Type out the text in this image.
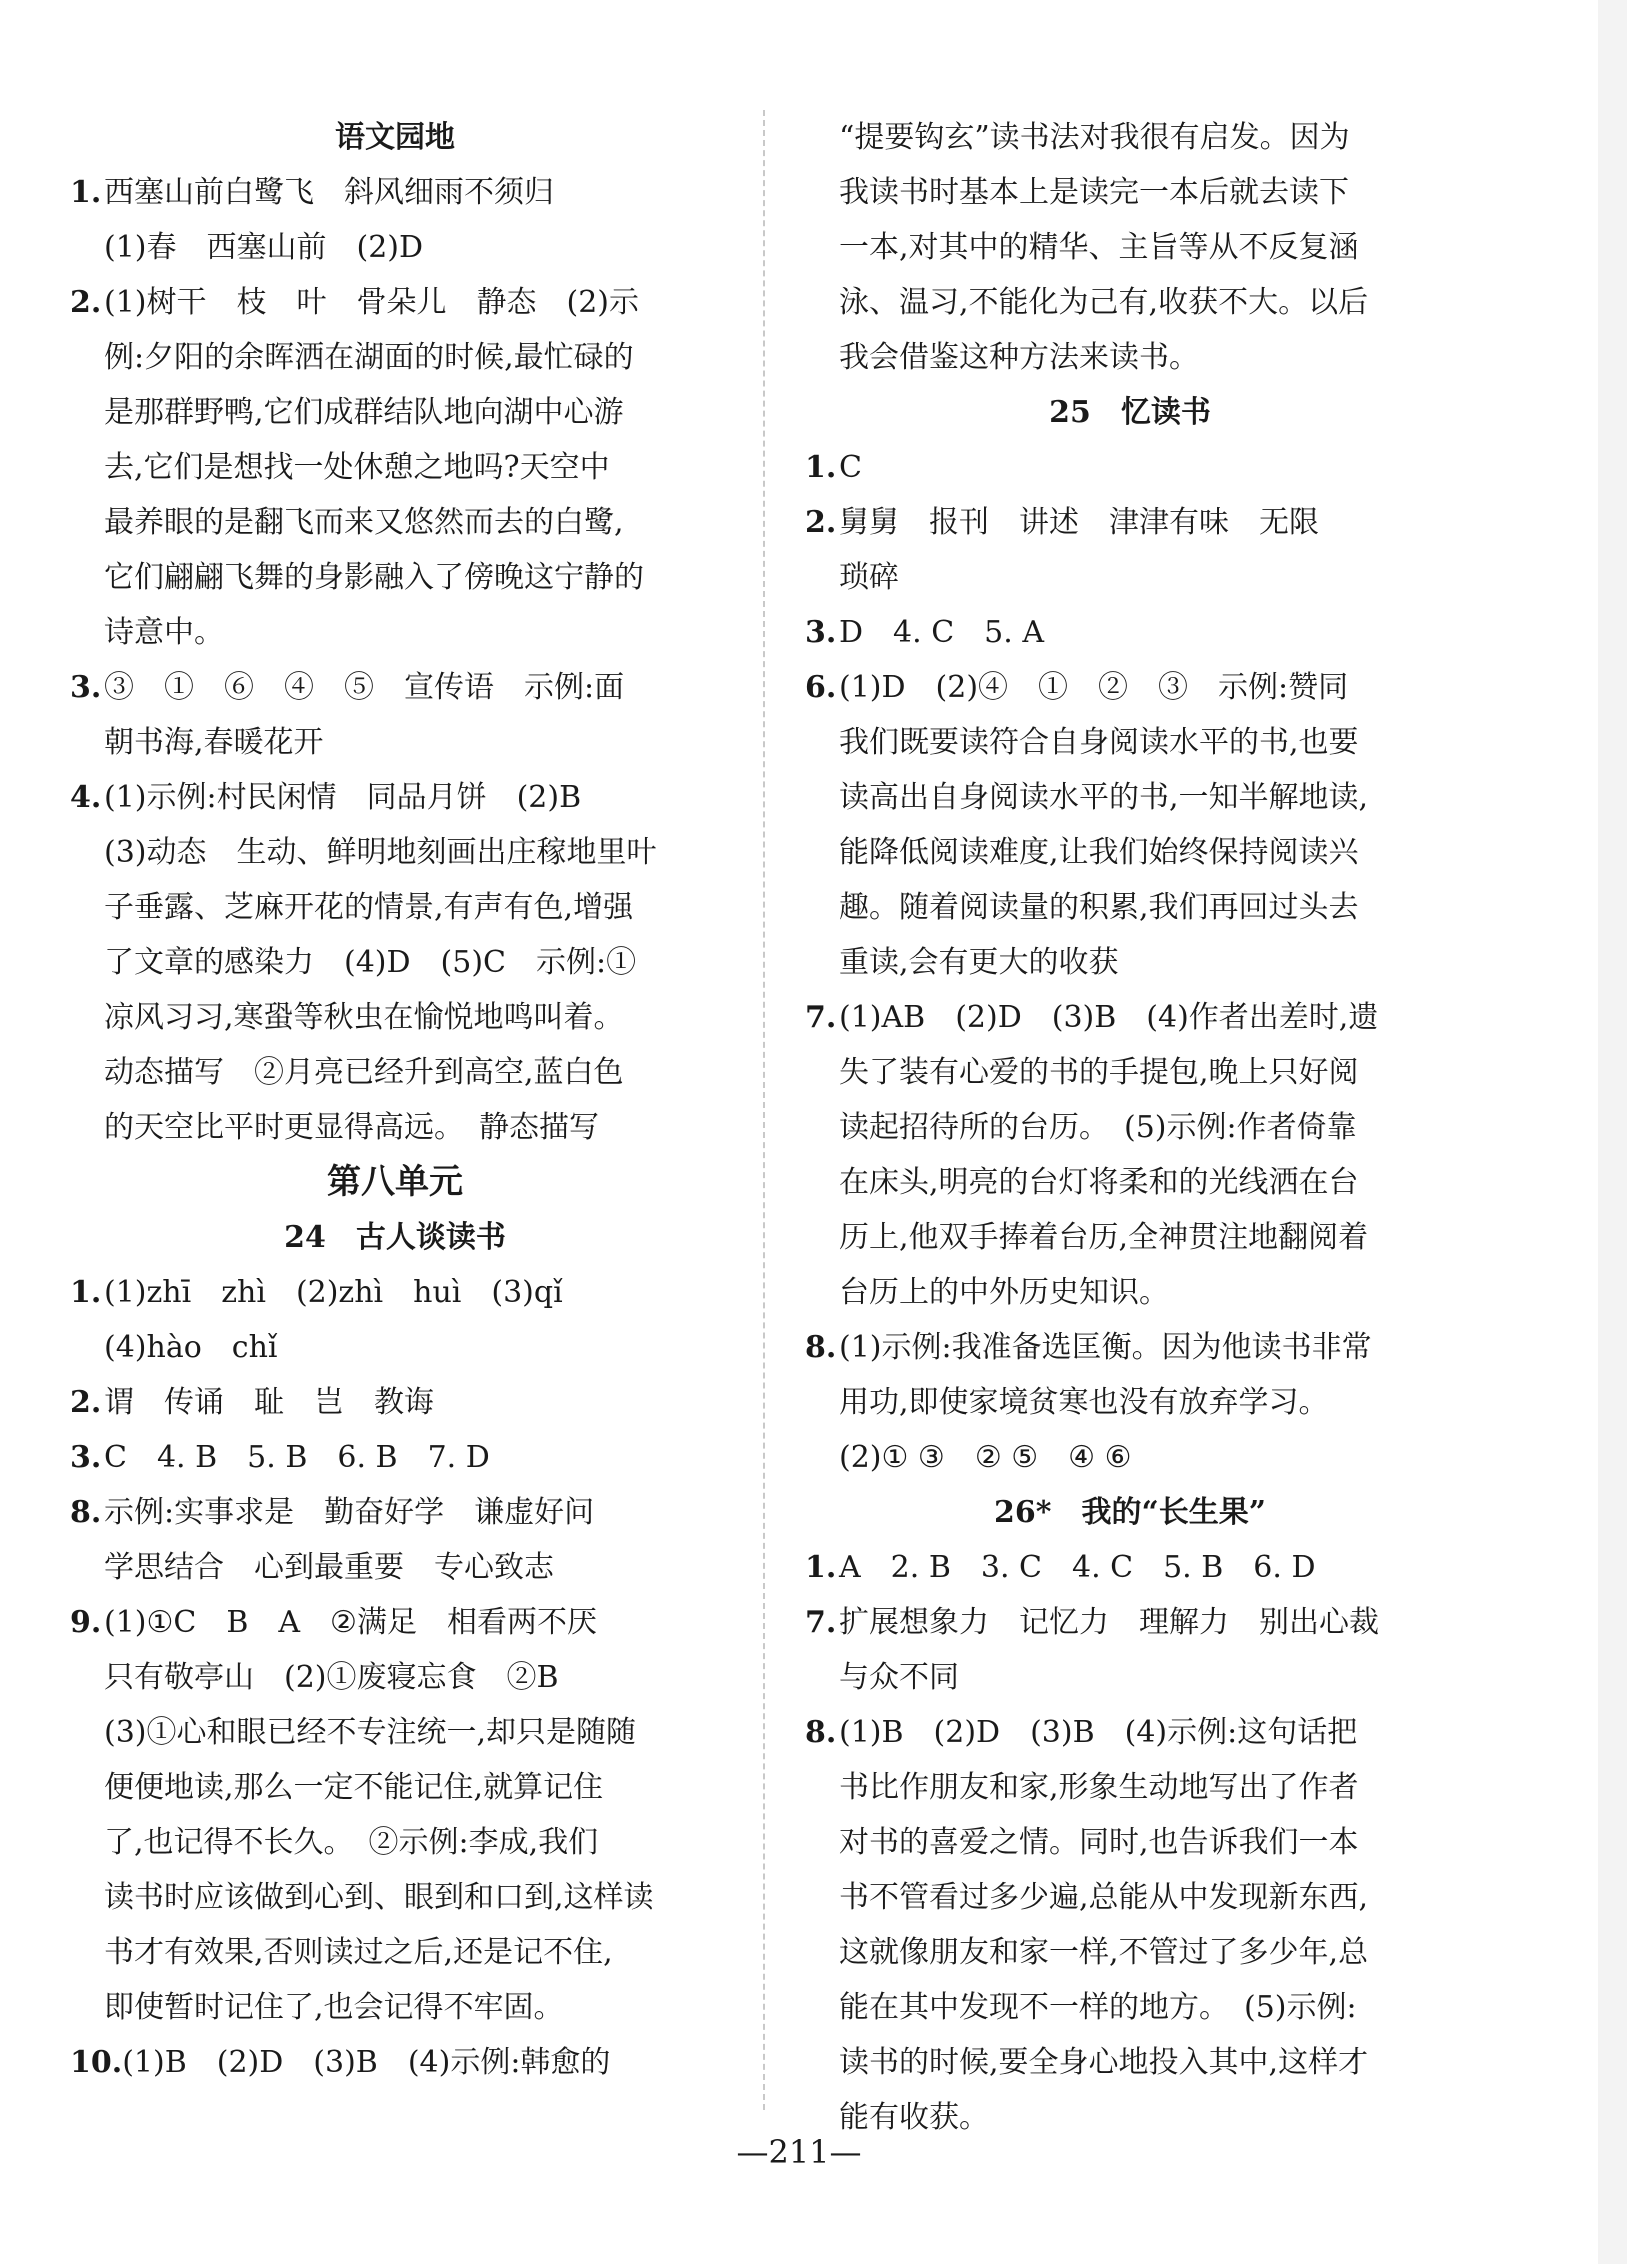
语文园地
1.西塞山前白鹭飞　斜风细雨不须归
(1)春　西塞山前　(2)D
2.(1)树干　枝　叶　骨朵儿　静态　(2)示
例:夕阳的余晖洒在湖面的时候,最忙碌的
是那群野鸭,它们成群结队地向湖中心游
去,它们是想找一处休憩之地吗?天空中
最养眼的是翻飞而来又悠然而去的白鹭,
它们翩翩飞舞的身影融入了傍晚这宁静的
诗意中。
3.③　①　⑥　④　⑤　宣传语　示例:面
朝书海,春暖花开
4.(1)示例:村民闲情　同品月饼　(2)B
(3)动态　生动、鲜明地刻画出庄稼地里叶
子垂露、芝麻开花的情景,有声有色,增强
了文章的感染力　(4)D　(5)C　示例:①
凉风习习,寒蛩等秋虫在愉悦地鸣叫着。
动态描写　②月亮已经升到高空,蓝白色
的天空比平时更显得高远。　静态描写
第八单元
24　古人谈读书
1.(1)zhī　zhì　(2)zhì　huì　(3)qǐ
(4)hào　chǐ
2.谓　传诵　耻　岂　教诲
3.C　4. B　5. B　6. B　7. D
8.示例:实事求是　勤奋好学　谦虚好问
学思结合　心到最重要　专心致志
9.(1)①C　B　A　②满足　相看两不厌
只有敬亭山　(2)①废寝忘食　②B
(3)①心和眼已经不专注统一,却只是随随
便便地读,那么一定不能记住,就算记住
了,也记得不长久。　②示例:李成,我们
读书时应该做到心到、眼到和口到,这样读
书才有效果,否则读过之后,还是记不住,
即使暂时记住了,也会记得不牢固。
10.(1)B　(2)D　(3)B　(4)示例:韩愈的
“提要钩玄”读书法对我很有启发。因为
我读书时基本上是读完一本后就去读下
一本,对其中的精华、主旨等从不反复涵
泳、温习,不能化为己有,收获不大。以后
我会借鉴这种方法来读书。
25　忆读书
1.C
2.舅舅　报刊　讲述　津津有味　无限
琐碎
3.D　4. C　5. A
6.(1)D　(2)④　①　②　③　示例:赞同
我们既要读符合自身阅读水平的书,也要
读高出自身阅读水平的书,一知半解地读,
能降低阅读难度,让我们始终保持阅读兴
趣。随着阅读量的积累,我们再回过头去
重读,会有更大的收获
7.(1)AB　(2)D　(3)B　(4)作者出差时,遗
失了装有心爱的书的手提包,晚上只好阅
读起招待所的台历。　(5)示例:作者倚靠
在床头,明亮的台灯将柔和的光线洒在台
历上,他双手捧着台历,全神贯注地翻阅着
台历上的中外历史知识。
8.(1)示例:我准备选匡衡。因为他读书非常
用功,即使家境贫寒也没有放弃学习。
(2)① ③　② ⑤　④ ⑥
26*　我的“长生果”
1.A　2. B　3. C　4. C　5. B　6. D
7.扩展想象力　记忆力　理解力　别出心裁
与众不同
8.(1)B　(2)D　(3)B　(4)示例:这句话把
书比作朋友和家,形象生动地写出了作者
对书的喜爱之情。同时,也告诉我们一本
书不管看过多少遍,总能从中发现新东西,
这就像朋友和家一样,不管过了多少年,总
能在其中发现不一样的地方。　(5)示例:
读书的时候,要全身心地投入其中,这样才
能有收获。
—211—
